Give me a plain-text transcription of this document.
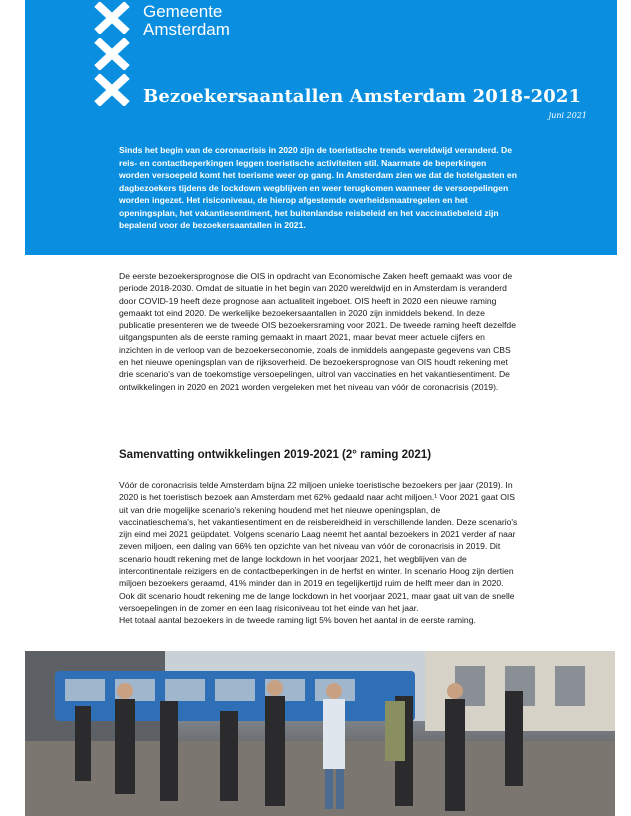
Gemeente
Amsterdam
Bezoekersaantallen Amsterdam 2018-2021
juni 2021

Sinds het begin van de coronacrisis in 2020 zijn de toeristische trends wereldwijd veranderd. De reis- en contactbeperkingen leggen toeristische activiteiten stil. Naarmate de beperkingen worden versoepeld komt het toerisme weer op gang. In Amsterdam zien we dat de hotelgasten en dagbezoekers tijdens de lockdown wegblijven en weer terugkomen wanneer de versoepelingen worden ingezet. Het risiconiveau, de hierop afgestemde overheidsmaatregelen en het openingsplan, het vakantiesentiment, het buitenlandse reisbeleid en het vaccinatiebeleid zijn bepalend voor de bezoekersaantallen in 2021.

De eerste bezoekersprognose die OIS in opdracht van Economische Zaken heeft gemaakt was voor de periode 2018-2030. Omdat de situatie in het begin van 2020 wereldwijd en in Amsterdam is veranderd door COVID-19 heeft deze prognose aan actualiteit ingeboet. OIS heeft in 2020 een nieuwe raming gemaakt tot eind 2020. De werkelijke bezoekersaantallen in 2020 zijn inmiddels bekend. In deze publicatie presenteren we de tweede OIS bezoekersraming voor 2021. De tweede raming heeft dezelfde uitgangspunten als de eerste raming gemaakt in maart 2021, maar bevat meer actuele cijfers en inzichten in de verloop van de bezoekerseconomie, zoals de inmiddels aangepaste gegevens van CBS en het nieuwe openingsplan van de rijksoverheid. De bezoekersprognose van OIS houdt rekening met drie scenario's van de toekomstige versoepelingen, uitrol van vaccinaties en het vakantiesentiment. De ontwikkelingen in 2020 en 2021 worden vergeleken met het niveau van vóór de coronacrisis (2019).

Samenvatting ontwikkelingen 2019-2021 (2° raming 2021)
Vóór de coronacrisis telde Amsterdam bijna 22 miljoen unieke toeristische bezoekers per jaar (2019). In 2020 is het toeristisch bezoek aan Amsterdam met 62% gedaald naar acht miljoen.¹ Voor 2021 gaat OIS uit van drie mogelijke scenario's rekening houdend met het nieuwe openingsplan, de vaccinatieschema's, het vakantiesentiment en de reisbereidheid in verschillende landen. Deze scenario's zijn eind mei 2021 geüpdatet. Volgens scenario Laag neemt het aantal bezoekers in 2021 verder af naar zeven miljoen, een daling van 66% ten opzichte van het niveau van vóór de coronacrisis in 2019. Dit scenario houdt rekening met de lange lockdown in het voorjaar 2021, het wegblijven van de intercontinentale reizigers en de contactbeperkingen in de herfst en winter. In scenario Hoog zijn dertien miljoen bezoekers geraamd, 41% minder dan in 2019 en tegelijkertijd ruim de helft meer dan in 2020. Ook dit scenario houdt rekening me de lange lockdown in het voorjaar 2021, maar gaat uit van de snelle versoepelingen in de zomer en een laag risiconiveau tot het einde van het jaar.
Het totaal aantal bezoekers in de tweede raming ligt 5% boven het aantal in de eerste raming.
